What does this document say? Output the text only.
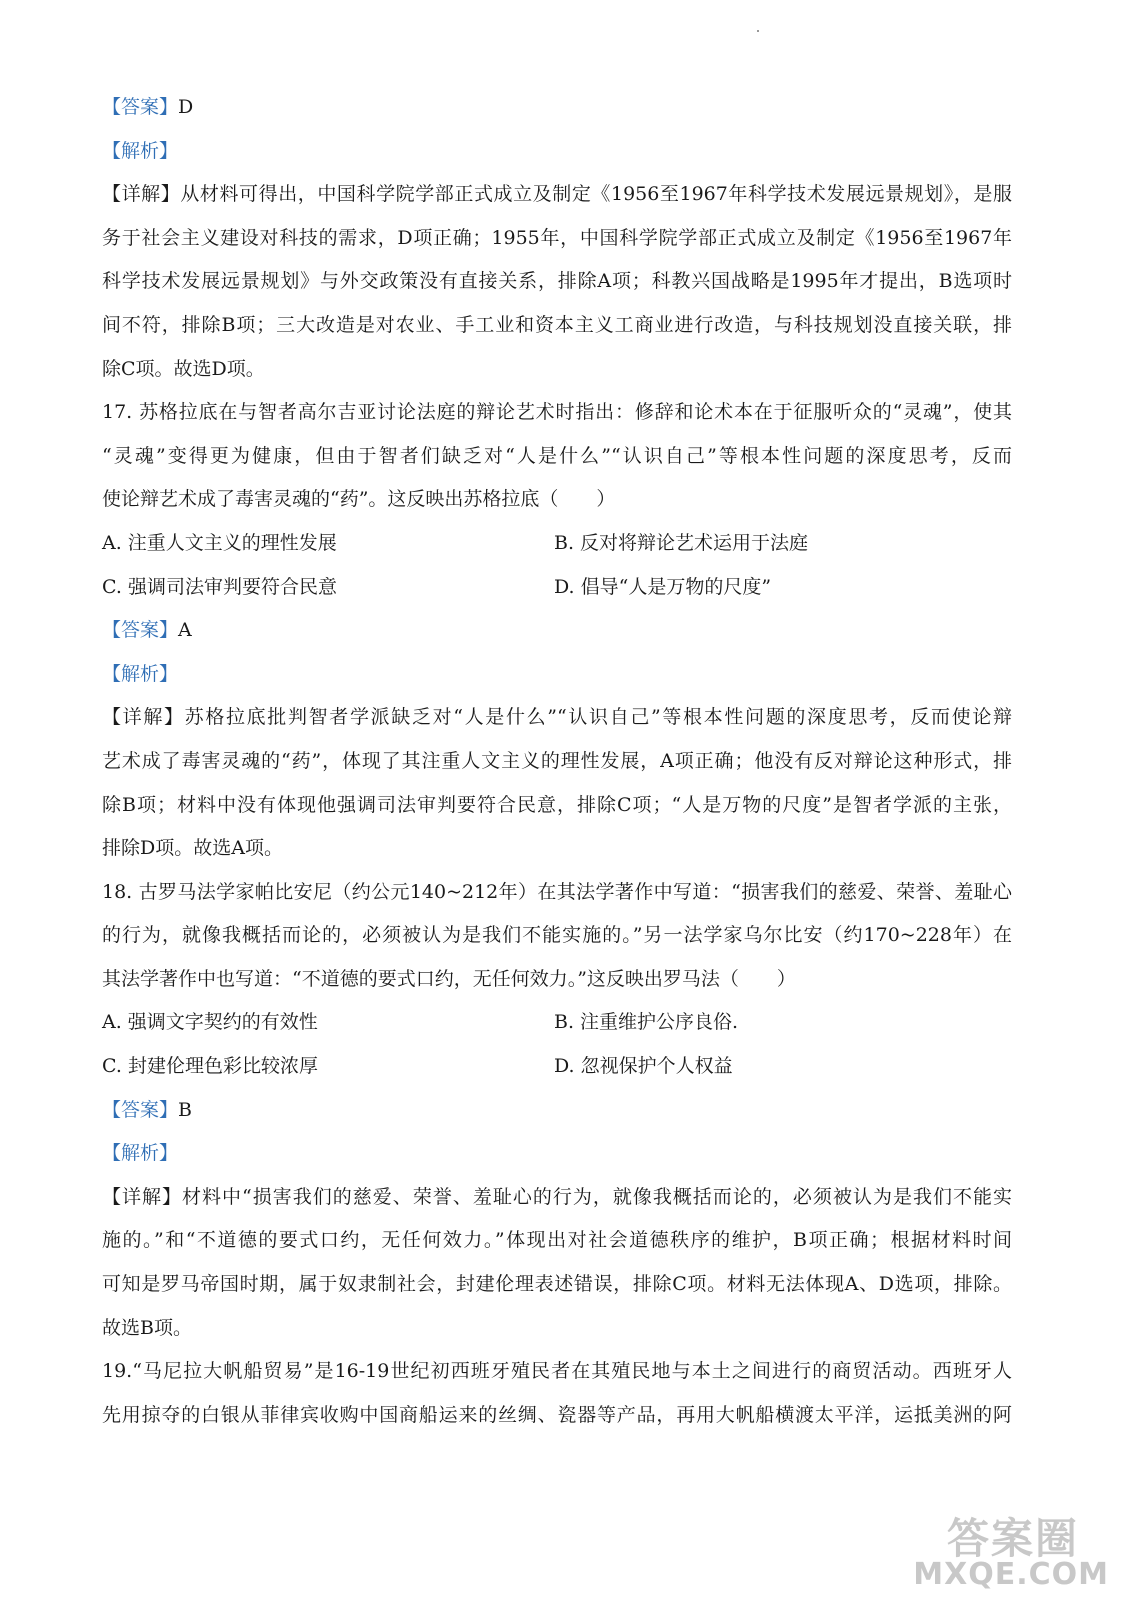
【答案】D
【解析】
【详解】从材料可得出，中国科学院学部正式成立及制定《1956至1967年科学技术发展远景规划》，是服
务于社会主义建设对科技的需求，D项正确；1955年，中国科学院学部正式成立及制定《1956至1967年
科学技术发展远景规划》与外交政策没有直接关系，排除A项；科教兴国战略是1995年才提出，B选项时
间不符，排除B项；三大改造是对农业、手工业和资本主义工商业进行改造，与科技规划没直接关联，排
除C项。故选D项。
17. 苏格拉底在与智者高尔吉亚讨论法庭的辩论艺术时指出：修辞和论术本在于征服听众的“灵魂”，使其
“灵魂”变得更为健康，但由于智者们缺乏对“人是什么”“认识自己”等根本性问题的深度思考，反而
使论辩艺术成了毒害灵魂的“药”。这反映出苏格拉底（　　）
A. 注重人文主义的理性发展	B. 反对将辩论艺术运用于法庭
C. 强调司法审判要符合民意	D. 倡导“人是万物的尺度”
【答案】A
【解析】
【详解】苏格拉底批判智者学派缺乏对“人是什么”“认识自己”等根本性问题的深度思考，反而使论辩
艺术成了毒害灵魂的“药”，体现了其注重人文主义的理性发展，A项正确；他没有反对辩论这种形式，排
除B项；材料中没有体现他强调司法审判要符合民意，排除C项；“人是万物的尺度”是智者学派的主张，
排除D项。故选A项。
18. 古罗马法学家帕比安尼（约公元140~212年）在其法学著作中写道：“损害我们的慈爱、荣誉、羞耻心
的行为，就像我概括而论的，必须被认为是我们不能实施的。”另一法学家乌尔比安（约170~228年）在
其法学著作中也写道：“不道德的要式口约，无任何效力。”这反映出罗马法（　　）
A. 强调文字契约的有效性	B. 注重维护公序良俗.
C. 封建伦理色彩比较浓厚	D. 忽视保护个人权益
【答案】B
【解析】
【详解】材料中“损害我们的慈爱、荣誉、羞耻心的行为，就像我概括而论的，必须被认为是我们不能实
施的。”和“不道德的要式口约，无任何效力。”体现出对社会道德秩序的维护，B项正确；根据材料时间
可知是罗马帝国时期，属于奴隶制社会，封建伦理表述错误，排除C项。材料无法体现A、D选项，排除。
故选B项。
19.“马尼拉大帆船贸易”是16-19世纪初西班牙殖民者在其殖民地与本土之间进行的商贸活动。西班牙人
先用掠夺的白银从菲律宾收购中国商船运来的丝绸、瓷器等产品，再用大帆船横渡太平洋，运抵美洲的阿
答案圈
MXQE.COM
